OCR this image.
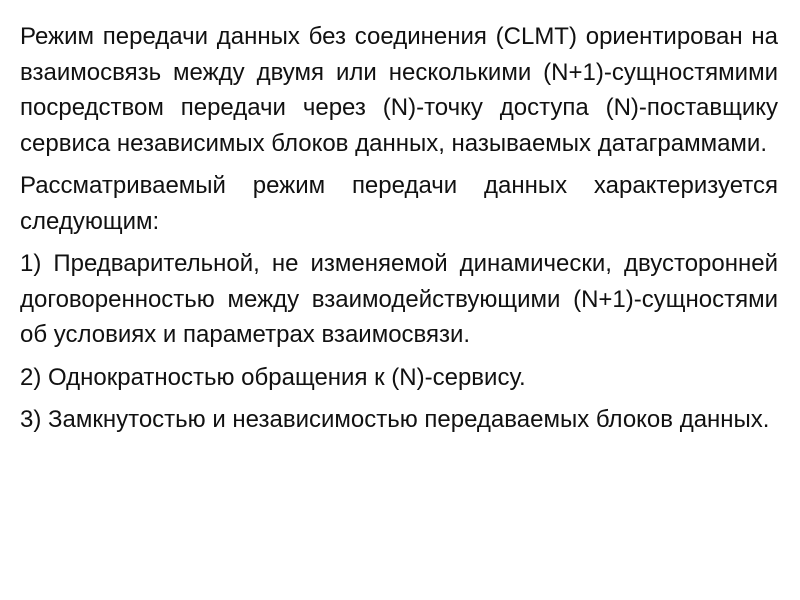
Режим передачи данных без соединения (CLMT) ориентирован на взаимосвязь между двумя или несколькими (N+1)-сущностямими посредством передачи через (N)-точку доступа (N)-поставщику сервиса независимых блоков данных, называемых датаграммами.

Рассматриваемый режим передачи данных характеризуется следующим:

1) Предварительной, не изменяемой динамически, двусторонней договоренностью между взаимодействующими (N+1)-сущностями об условиях и параметрах взаимосвязи.

2) Однократностью обращения к (N)-сервису.

3) Замкнутостью и независимостью передаваемых блоков данных.
